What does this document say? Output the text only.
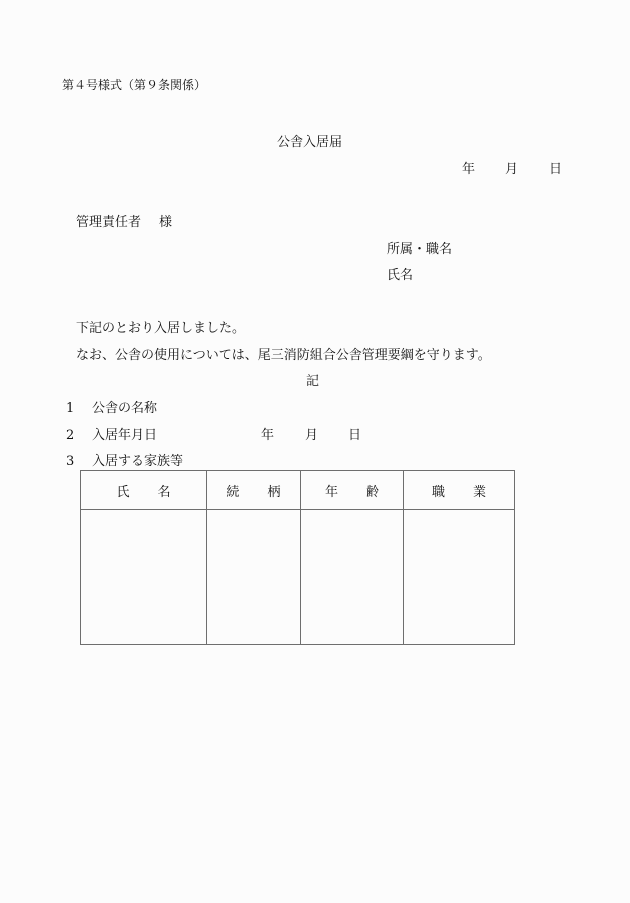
第４号様式（第９条関係）
公舎入居届
年 月 日
管理責任者 様
所属・職名
氏名
下記のとおり入居しました。
なお、公舎の使用については、尾三消防組合公舎管理要綱を守ります。
記
1 公舎の名称
2 入居年月日	年 月 日
3 入居する家族等
氏 名	続 柄	年 齢	職 業
